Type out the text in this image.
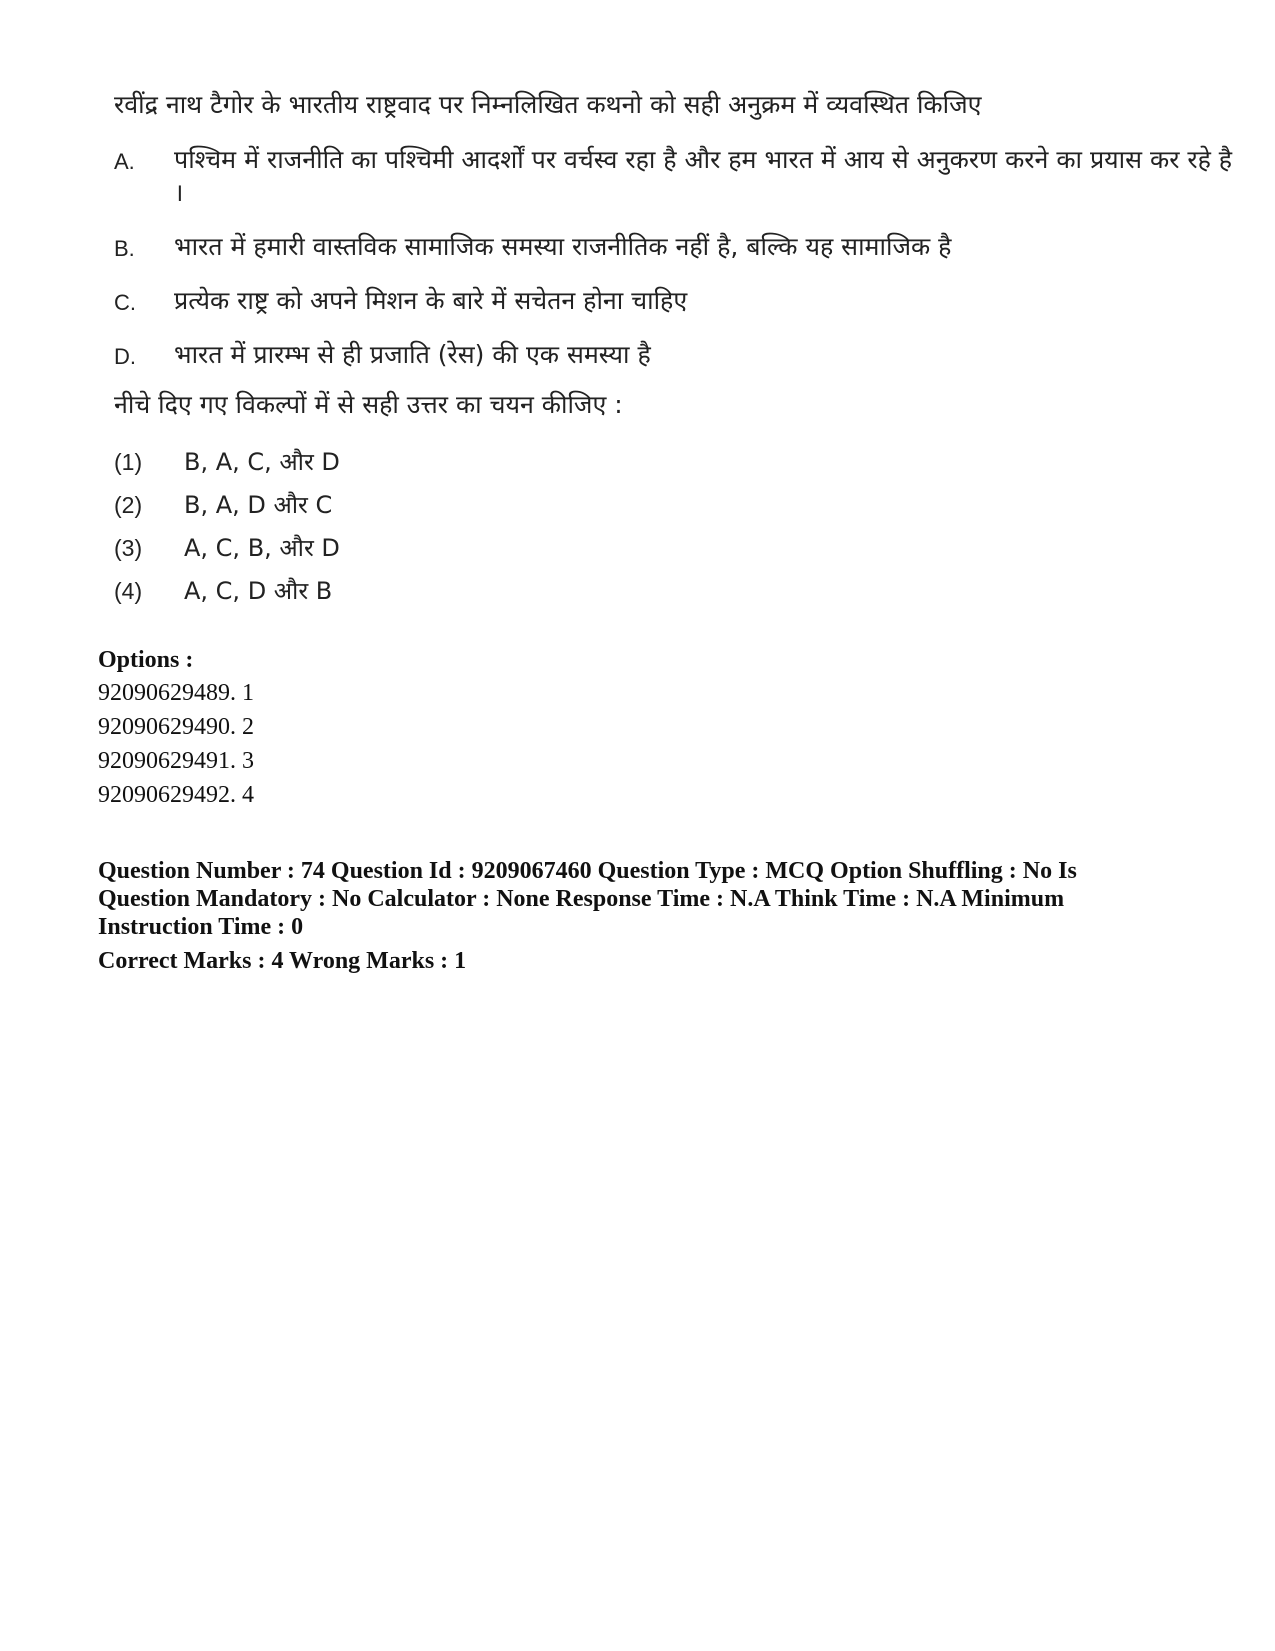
रवींद्र नाथ टैगोर के भारतीय राष्ट्रवाद पर निम्नलिखित कथनो को सही अनुक्रम में व्यवस्थित किजिए
A.	पश्चिम में राजनीति का पश्चिमी आदर्शों पर वर्चस्व रहा है और हम भारत में आय से अनुकरण करने का प्रयास कर रहे है ।
B.	भारत में हमारी वास्तविक सामाजिक समस्या राजनीतिक नहीं है, बल्कि यह सामाजिक है
C.	प्रत्येक राष्ट्र को अपने मिशन के बारे में सचेतन होना चाहिए
D.	भारत में प्रारम्भ से ही प्रजाति (रेस) की एक समस्या है
नीचे दिए गए विकल्पों में से सही उत्तर का चयन कीजिए :
(1) B, A, C, और D
(2) B, A, D और C
(3) A, C, B, और D
(4) A, C, D और B
Options :
92090629489. 1
92090629490. 2
92090629491. 3
92090629492. 4
Question Number : 74 Question Id : 9209067460 Question Type : MCQ Option Shuffling : No Is Question Mandatory : No Calculator : None Response Time : N.A Think Time : N.A Minimum Instruction Time : 0
Correct Marks : 4 Wrong Marks : 1
